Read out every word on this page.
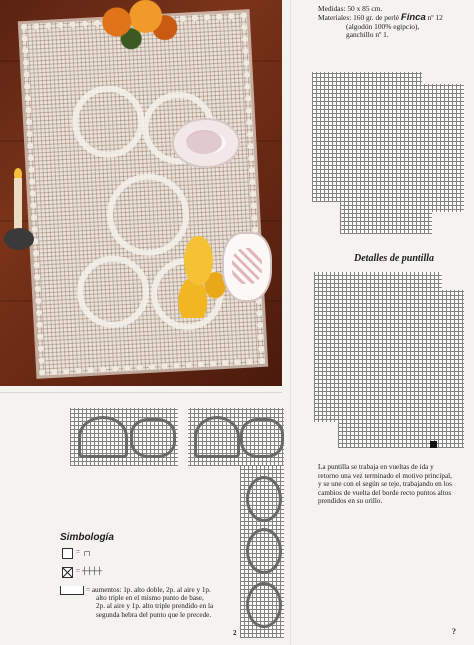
Medidas: 50 x 85 cm.
Materiales: 160 gr. de perlé Finca nº 12
(algodón 100% egipcio),
ganchillo nº 1.
Detalles de puntilla
La puntilla se trabaja en vueltas de ida y
retorno una vez terminado el motivo principal,
y se une con el según se teje, trabajando en los
cambios de vuelta del borde recto puntos altos
prendidos en su orillo.
Simbología
= ┌┐
= ┼┼┼┼
= aumentos: 1p. alto doble, 2p. al aire y 1p.
alto triple en el mismo punto de base,
2p. al aire y 1p. alto triple prendido en la
segunda hebra del punto que le precede.
2	?
